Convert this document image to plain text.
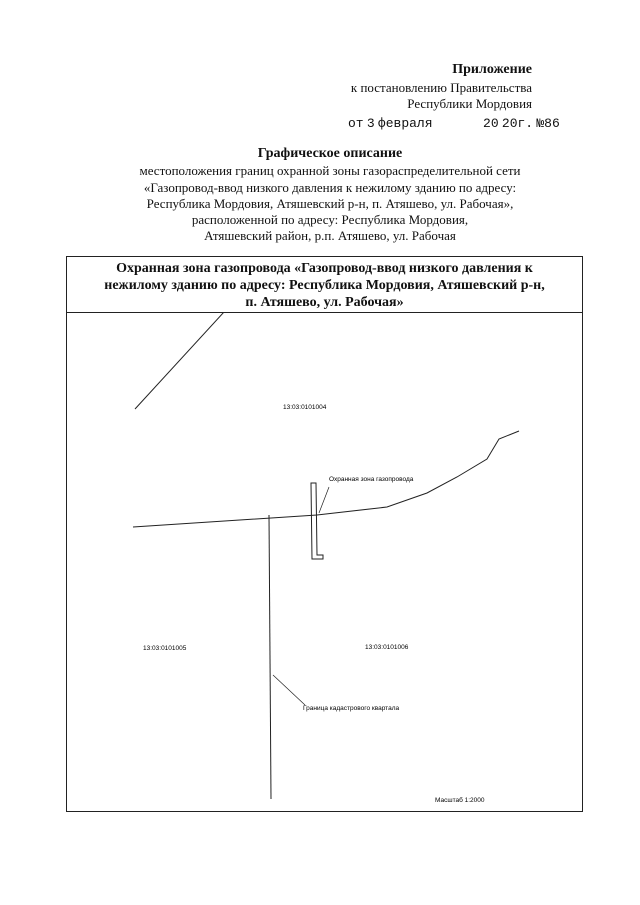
Приложение
к постановлению Правительства
Республики Мордовия
от 3 февраля	20 20г. №86
Графическое описание
местоположения границ охранной зоны газораспределительной сети
«Газопровод-ввод низкого давления к нежилому зданию по адресу:
Республика Мордовия, Атяшевский р-н, п. Атяшево, ул. Рабочая»,
расположенной по адресу: Республика Мордовия,
Атяшевский район, р.п. Атяшево, ул. Рабочая
Охранная зона газопровода «Газопровод-ввод низкого давления к
нежилому зданию по адресу: Республика Мордовия, Атяшевский р-н,
п. Атяшево, ул. Рабочая»
13:03:0101004
13:03:0101005	13:03:0101006
Охранная зона газопровода
Граница кадастрового квартала
Масштаб 1:2000
